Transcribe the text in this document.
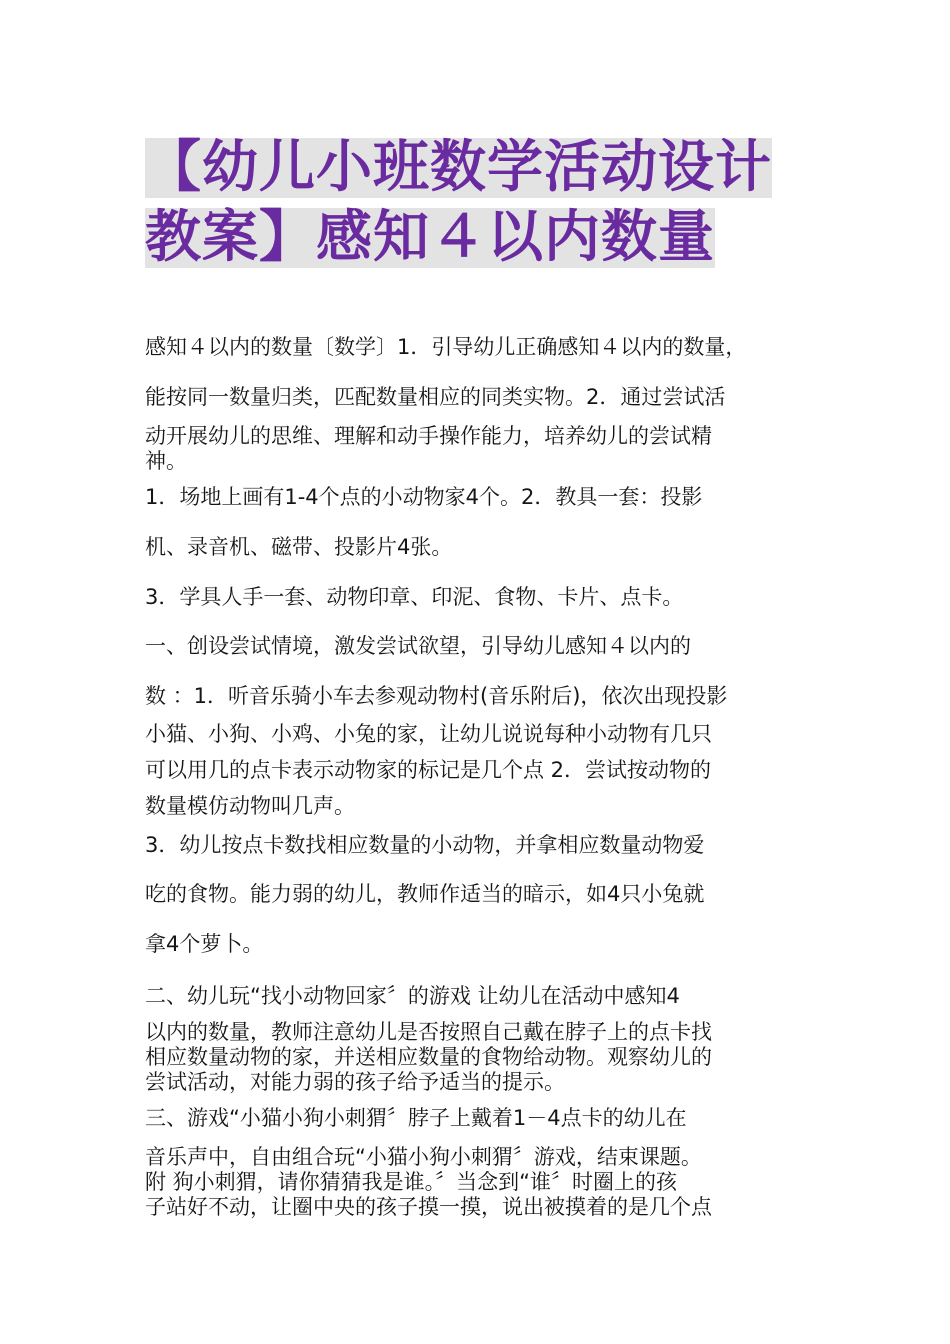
【幼儿小班数学活动设计
教案】感知４以内数量

感知４以内的数量〔数学〕1．引导幼儿正确感知４以内的数量，

能按同一数量归类，匹配数量相应的同类实物。2．通过尝试活

动开展幼儿的思维、理解和动手操作能力，培养幼儿的尝试精

神。

1．场地上画有1-4个点的小动物家4个。2．教具一套：投影

机、录音机、磁带、投影片4张。

3．学具人手一套、动物印章、印泥、食物、卡片、点卡。

一、创设尝试情境，激发尝试欲望，引导幼儿感知４以内的

数 ：1．听音乐骑小车去参观动物村(音乐附后)，依次出现投影

小猫、小狗、小鸡、小兔的家，让幼儿说说每种小动物有几只

可以用几的点卡表示动物家的标记是几个点 2．尝试按动物的

数量模仿动物叫几声。

3．幼儿按点卡数找相应数量的小动物，并拿相应数量动物爱

吃的食物。能力弱的幼儿，教师作适当的暗示，如4只小兔就

拿4个萝卜。

二、幼儿玩“找小动物回家〞的游戏 让幼儿在活动中感知4

以内的数量，教师注意幼儿是否按照自己戴在脖子上的点卡找

相应数量动物的家，并送相应数量的食物给动物。观察幼儿的

尝试活动，对能力弱的孩子给予适当的提示。

三、游戏“小猫小狗小刺猬〞脖子上戴着1－4点卡的幼儿在

音乐声中，自由组合玩“小猫小狗小刺猬〞游戏，结束课题。

附 狗小刺猬，请你猜猜我是谁。〞当念到“谁〞时圈上的孩

子站好不动，让圈中央的孩子摸一摸，说出被摸着的是几个点
